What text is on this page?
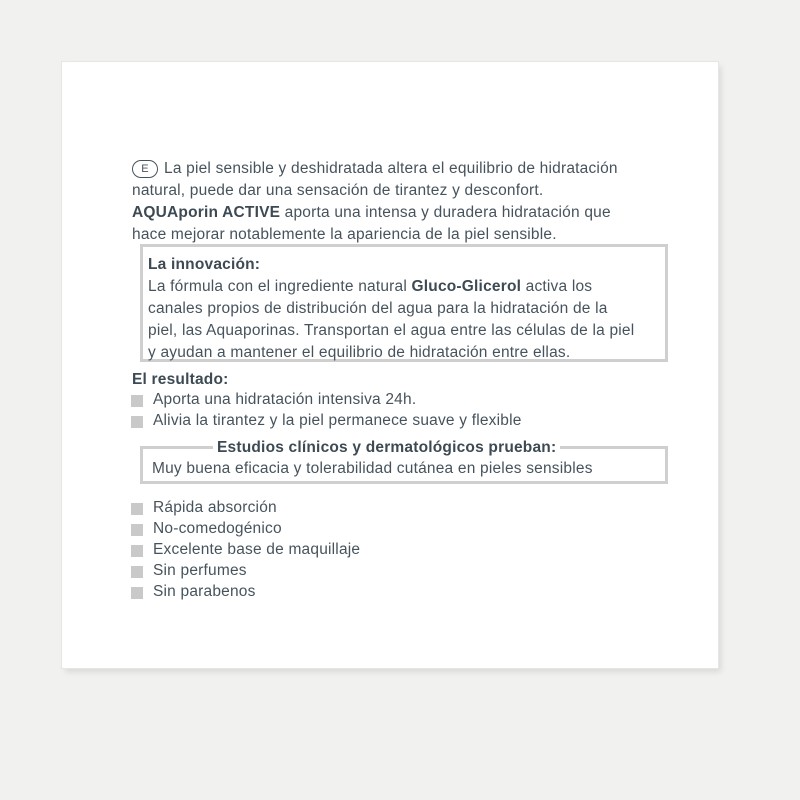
E La piel sensible y deshidratada altera el equilibrio de hidratación
natural, puede dar una sensación de tirantez y desconfort.
AQUAporin ACTIVE aporta una intensa y duradera hidratación que
hace mejorar notablemente la apariencia de la piel sensible.
La innovación:
La fórmula con el ingrediente natural Gluco-Glicerol activa los
canales propios de distribución del agua para la hidratación de la
piel, las Aquaporinas. Transportan el agua entre las células de la piel
y ayudan a mantener el equilibrio de hidratación entre ellas.
El resultado:
Aporta una hidratación intensiva 24h.
Alivia la tirantez y la piel permanece suave y flexible
Estudios clínicos y dermatológicos prueban:
Muy buena eficacia y tolerabilidad cutánea en pieles sensibles
Rápida absorción
No-comedogénico
Excelente base de maquillaje
Sin perfumes
Sin parabenos
